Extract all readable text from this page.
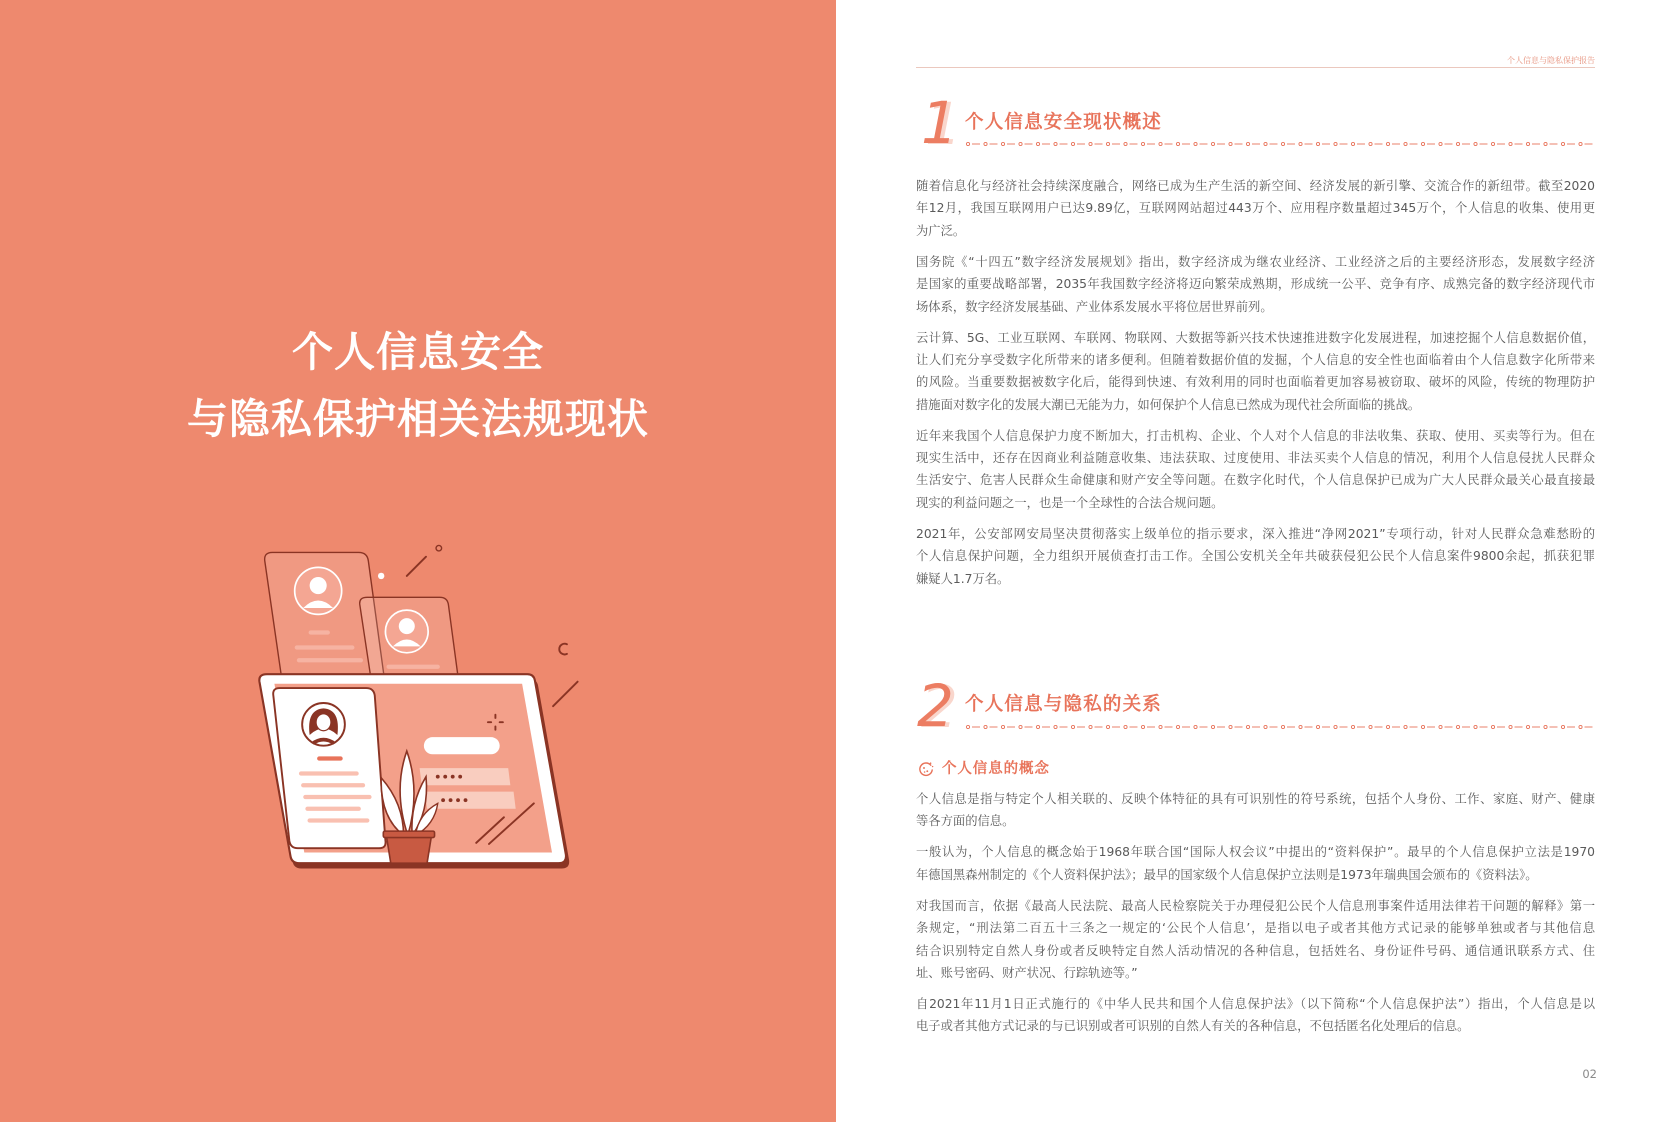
个人信息安全
与隐私保护相关法规现状
个人信息与隐私保护报告
1 个人信息安全现状概述
随着信息化与经济社会持续深度融合，网络已成为生产生活的新空间、经济发展的新引擎、交流合作的新纽带。截至2020
年12月，我国互联网用户已达9.89亿，互联网网站超过443万个、应用程序数量超过345万个，个人信息的收集、使用更
为广泛。
国务院《“十四五”数字经济发展规划》指出，数字经济成为继农业经济、工业经济之后的主要经济形态，发展数字经济
是国家的重要战略部署，2035年我国数字经济将迈向繁荣成熟期，形成统一公平、竞争有序、成熟完备的数字经济现代市
场体系，数字经济发展基础、产业体系发展水平将位居世界前列。
云计算、5G、工业互联网、车联网、物联网、大数据等新兴技术快速推进数字化发展进程，加速挖掘个人信息数据价值，
让人们充分享受数字化所带来的诸多便利。但随着数据价值的发掘，个人信息的安全性也面临着由个人信息数字化所带来
的风险。当重要数据被数字化后，能得到快速、有效利用的同时也面临着更加容易被窃取、破坏的风险，传统的物理防护
措施面对数字化的发展大潮已无能为力，如何保护个人信息已然成为现代社会所面临的挑战。
近年来我国个人信息保护力度不断加大，打击机构、企业、个人对个人信息的非法收集、获取、使用、买卖等行为。但在
现实生活中，还存在因商业利益随意收集、违法获取、过度使用、非法买卖个人信息的情况，利用个人信息侵扰人民群众
生活安宁、危害人民群众生命健康和财产安全等问题。在数字化时代，个人信息保护已成为广大人民群众最关心最直接最
现实的利益问题之一，也是一个全球性的合法合规问题。
2021年，公安部网安局坚决贯彻落实上级单位的指示要求，深入推进“净网2021”专项行动，针对人民群众急难愁盼的
个人信息保护问题，全力组织开展侦查打击工作。全国公安机关全年共破获侵犯公民个人信息案件9800余起，抓获犯罪
嫌疑人1.7万名。
2 个人信息与隐私的关系
个人信息的概念
个人信息是指与特定个人相关联的、反映个体特征的具有可识别性的符号系统，包括个人身份、工作、家庭、财产、健康
等各方面的信息。
一般认为，个人信息的概念始于1968年联合国“国际人权会议”中提出的“资料保护”。最早的个人信息保护立法是1970
年德国黑森州制定的《个人资料保护法》；最早的国家级个人信息保护立法则是1973年瑞典国会颁布的《资料法》。
对我国而言，依据《最高人民法院、最高人民检察院关于办理侵犯公民个人信息刑事案件适用法律若干问题的解释》第一
条规定，“刑法第二百五十三条之一规定的‘公民个人信息’，是指以电子或者其他方式记录的能够单独或者与其他信息
结合识别特定自然人身份或者反映特定自然人活动情况的各种信息，包括姓名、身份证件号码、通信通讯联系方式、住
址、账号密码、财产状况、行踪轨迹等。”
自2021年11月1日正式施行的《中华人民共和国个人信息保护法》（以下简称“个人信息保护法”）指出，个人信息是以
电子或者其他方式记录的与已识别或者可识别的自然人有关的各种信息，不包括匿名化处理后的信息。
02
